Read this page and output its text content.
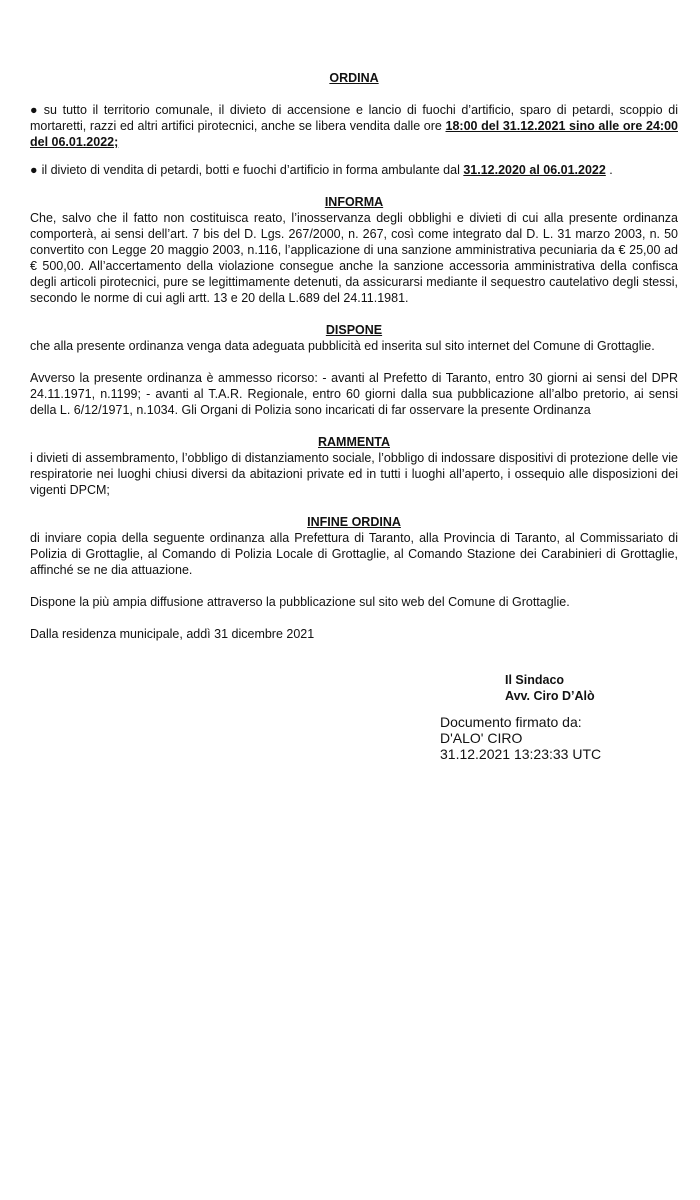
ORDINA

● su tutto il territorio comunale, il divieto di accensione e lancio di fuochi d’artificio, sparo di petardi, scoppio di mortaretti, razzi ed altri artifici pirotecnici, anche se libera vendita dalle ore 18:00 del 31.12.2021 sino alle ore 24:00 del 06.01.2022;

● il divieto di vendita di petardi, botti e fuochi d’artificio in forma ambulante dal 31.12.2020 al 06.01.2022 .

INFORMA

Che, salvo che il fatto non costituisca reato, l’inosservanza degli obblighi e divieti di cui alla presente ordinanza comporterà, ai sensi dell’art. 7 bis del D. Lgs. 267/2000, n. 267, così come integrato dal D. L. 31 marzo 2003, n. 50 convertito con Legge 20 maggio 2003, n.116, l’applicazione di una sanzione amministrativa pecuniaria da € 25,00 ad € 500,00. All’accertamento della violazione consegue anche la sanzione accessoria amministrativa della confisca degli articoli pirotecnici, pure se legittimamente detenuti, da assicurarsi mediante il sequestro cautelativo degli stessi, secondo le norme di cui agli artt. 13 e 20 della L.689 del 24.11.1981.

DISPONE

che alla presente ordinanza venga data adeguata pubblicità ed inserita sul sito internet del Comune di Grottaglie.

Avverso la presente ordinanza è ammesso ricorso: - avanti al Prefetto di Taranto, entro 30 giorni ai sensi del DPR 24.11.1971, n.1199; - avanti al T.A.R. Regionale, entro 60 giorni dalla sua pubblicazione all’albo pretorio, ai sensi della L. 6/12/1971, n.1034. Gli Organi di Polizia sono incaricati di far osservare la presente Ordinanza

RAMMENTA

i divieti di assembramento, l’obbligo di distanziamento sociale, l’obbligo di indossare dispositivi di protezione delle vie respiratorie nei luoghi chiusi diversi da abitazioni private ed in tutti i luoghi all’aperto, i ossequio alle disposizioni dei vigenti DPCM;

INFINE ORDINA

di inviare copia della seguente ordinanza alla Prefettura di Taranto, alla Provincia di Taranto, al Commissariato di Polizia di Grottaglie, al Comando di Polizia Locale di Grottaglie, al Comando Stazione dei Carabinieri di Grottaglie, affinché se ne dia attuazione.

Dispone la più ampia diffusione attraverso la pubblicazione sul sito web del Comune di Grottaglie.

Dalla residenza municipale, addì 31 dicembre 2021

Il Sindaco
Avv. Ciro D’Alò
Documento firmato da:
D'ALO' CIRO
31.12.2021 13:23:33 UTC
